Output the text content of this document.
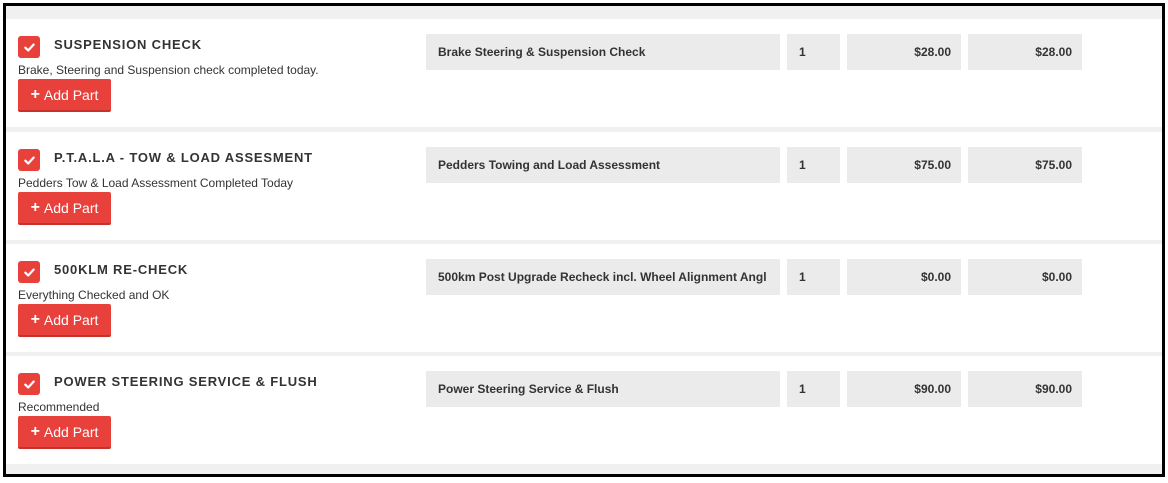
SUSPENSION CHECK
Brake, Steering and Suspension check completed today.
+ Add Part
Brake Steering & Suspension Check	1	$28.00	$28.00
P.T.A.L.A - TOW & LOAD ASSESMENT
Pedders Tow & Load Assessment Completed Today
+ Add Part
Pedders Towing and Load Assessment	1	$75.00	$75.00
500KLM RE-CHECK
Everything Checked and OK
+ Add Part
500km Post Upgrade Recheck incl. Wheel Alignment Angl	1	$0.00	$0.00
POWER STEERING SERVICE & FLUSH
Recommended
+ Add Part
Power Steering Service & Flush	1	$90.00	$90.00
